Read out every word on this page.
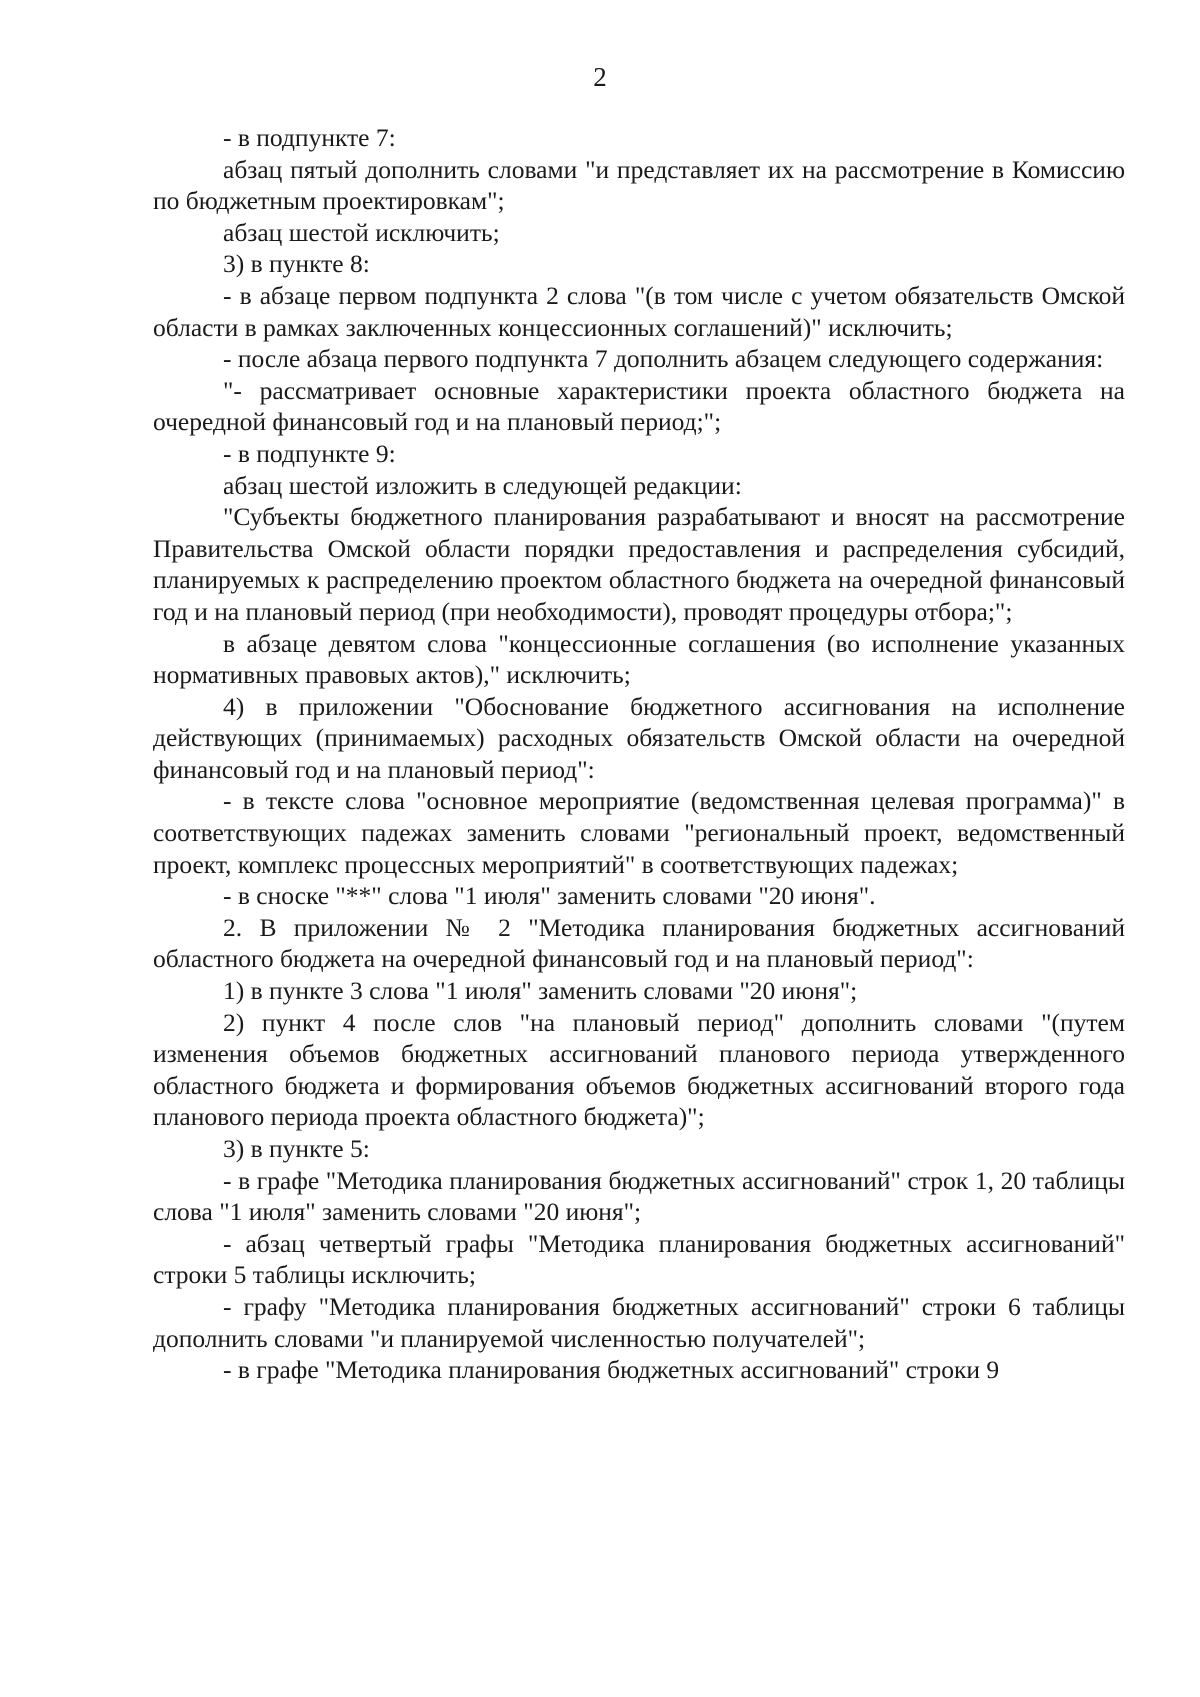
2

- в подпункте 7:

абзац пятый дополнить словами "и представляет их на рассмотрение в Комиссию по бюджетным проектировкам";

абзац шестой исключить;

3) в пункте 8:

- в абзаце первом подпункта 2 слова "(в том числе с учетом обязательств Омской области в рамках заключенных концессионных соглашений)" исключить;

- после абзаца первого подпункта 7 дополнить абзацем следующего содержания:

"- рассматривает основные характеристики проекта областного бюджета на очередной финансовый год и на плановый период;";

- в подпункте 9:

абзац шестой изложить в следующей редакции:

"Субъекты бюджетного планирования разрабатывают и вносят на рассмотрение Правительства Омской области порядки предоставления и распределения субсидий, планируемых к распределению проектом областного бюджета на очередной финансовый год и на плановый период (при необходимости), проводят процедуры отбора;";

в абзаце девятом слова "концессионные соглашения (во исполнение указанных нормативных правовых актов)," исключить;

4) в приложении "Обоснование бюджетного ассигнования на исполнение действующих (принимаемых) расходных обязательств Омской области на очередной финансовый год и на плановый период":

- в тексте слова "основное мероприятие (ведомственная целевая программа)" в соответствующих падежах заменить словами "региональный проект, ведомственный проект, комплекс процессных мероприятий" в соответствующих падежах;

- в сноске "**" слова "1 июля" заменить словами "20 июня".

2. В приложении № 2 "Методика планирования бюджетных ассигнований областного бюджета на очередной финансовый год и на плановый период":

1) в пункте 3 слова "1 июля" заменить словами "20 июня";

2) пункт 4 после слов "на плановый период" дополнить словами "(путем изменения объемов бюджетных ассигнований планового периода утвержденного областного бюджета и формирования объемов бюджетных ассигнований второго года планового периода проекта областного бюджета)";

3) в пункте 5:

- в графе "Методика планирования бюджетных ассигнований" строк 1, 20 таблицы слова "1 июля" заменить словами "20 июня";

- абзац четвертый графы "Методика планирования бюджетных ассигнований" строки 5 таблицы исключить;

- графу "Методика планирования бюджетных ассигнований" строки 6 таблицы дополнить словами "и планируемой численностью получателей";

- в графе "Методика планирования бюджетных ассигнований" строки 9
